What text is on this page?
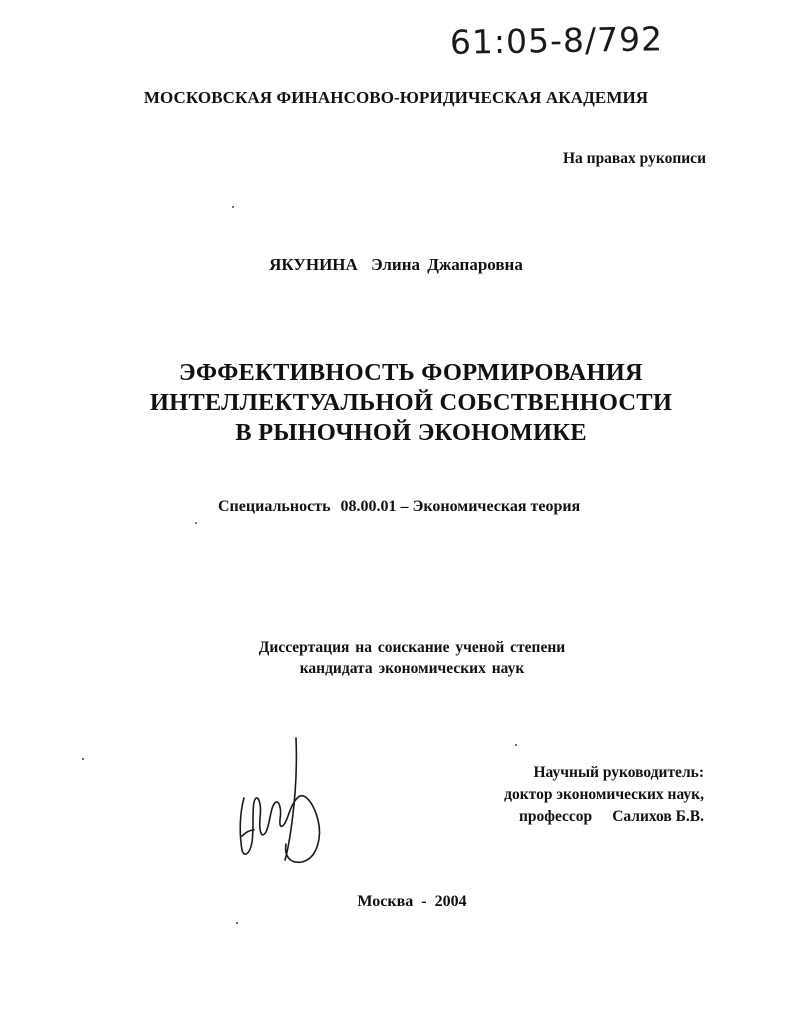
61:05-8/792
МОСКОВСКАЯ ФИНАНСОВО-ЮРИДИЧЕСКАЯ АКАДЕМИЯ
На правах рукописи
ЯКУНИНА Элина Джапаровна
ЭФФЕКТИВНОСТЬ ФОРМИРОВАНИЯ
ИНТЕЛЛЕКТУАЛЬНОЙ СОБСТВЕННОСТИ
В РЫНОЧНОЙ ЭКОНОМИКЕ
Специальность 08.00.01 – Экономическая теория
Диссертация на соискание ученой степени
кандидата экономических наук
Научный руководитель:
доктор экономических наук,
профессор Салихов Б.В.
Москва - 2004
